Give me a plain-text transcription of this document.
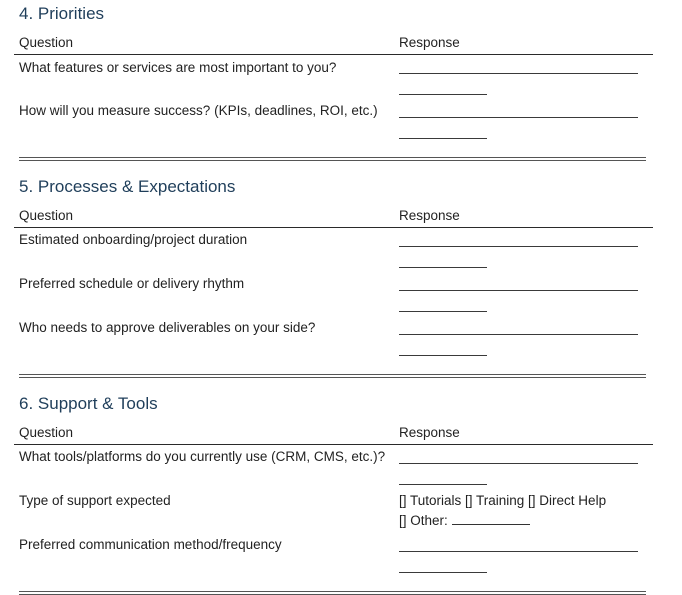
4. Priorities
Question	Response
What features or services are most important to you?
How will you measure success? (KPIs, deadlines, ROI, etc.)
5. Processes & Expectations
Question	Response
Estimated onboarding/project duration
Preferred schedule or delivery rhythm
Who needs to approve deliverables on your side?
6. Support & Tools
Question	Response
What tools/platforms do you currently use (CRM, CMS, etc.)?
Type of support expected	[] Tutorials [] Training [] Direct Help
[] Other:
Preferred communication method/frequency
